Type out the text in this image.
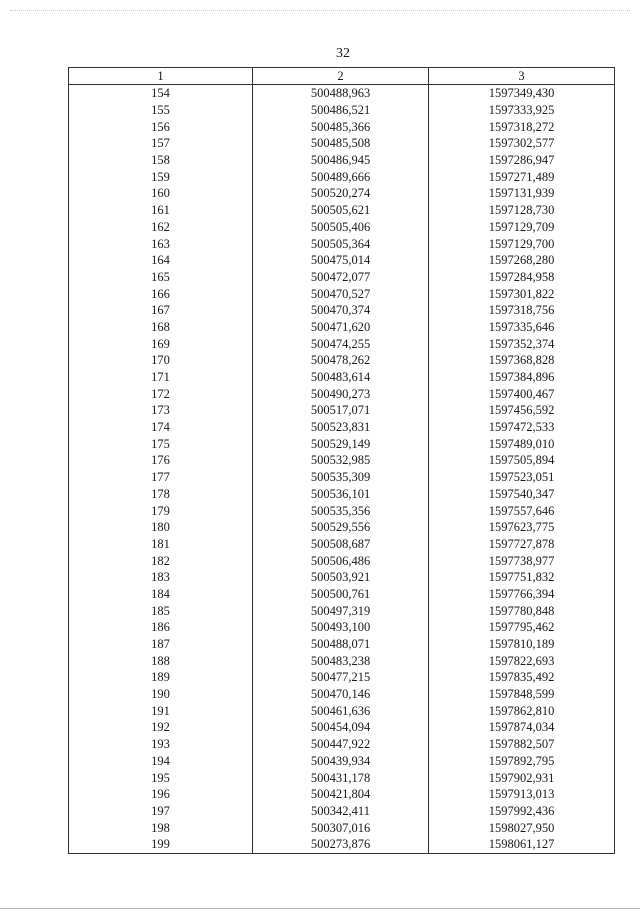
32
1	2	3
154	500488,963	1597349,430
155	500486,521	1597333,925
156	500485,366	1597318,272
157	500485,508	1597302,577
158	500486,945	1597286,947
159	500489,666	1597271,489
160	500520,274	1597131,939
161	500505,621	1597128,730
162	500505,406	1597129,709
163	500505,364	1597129,700
164	500475,014	1597268,280
165	500472,077	1597284,958
166	500470,527	1597301,822
167	500470,374	1597318,756
168	500471,620	1597335,646
169	500474,255	1597352,374
170	500478,262	1597368,828
171	500483,614	1597384,896
172	500490,273	1597400,467
173	500517,071	1597456,592
174	500523,831	1597472,533
175	500529,149	1597489,010
176	500532,985	1597505,894
177	500535,309	1597523,051
178	500536,101	1597540,347
179	500535,356	1597557,646
180	500529,556	1597623,775
181	500508,687	1597727,878
182	500506,486	1597738,977
183	500503,921	1597751,832
184	500500,761	1597766,394
185	500497,319	1597780,848
186	500493,100	1597795,462
187	500488,071	1597810,189
188	500483,238	1597822,693
189	500477,215	1597835,492
190	500470,146	1597848,599
191	500461,636	1597862,810
192	500454,094	1597874,034
193	500447,922	1597882,507
194	500439,934	1597892,795
195	500431,178	1597902,931
196	500421,804	1597913,013
197	500342,411	1597992,436
198	500307,016	1598027,950
199	500273,876	1598061,127
